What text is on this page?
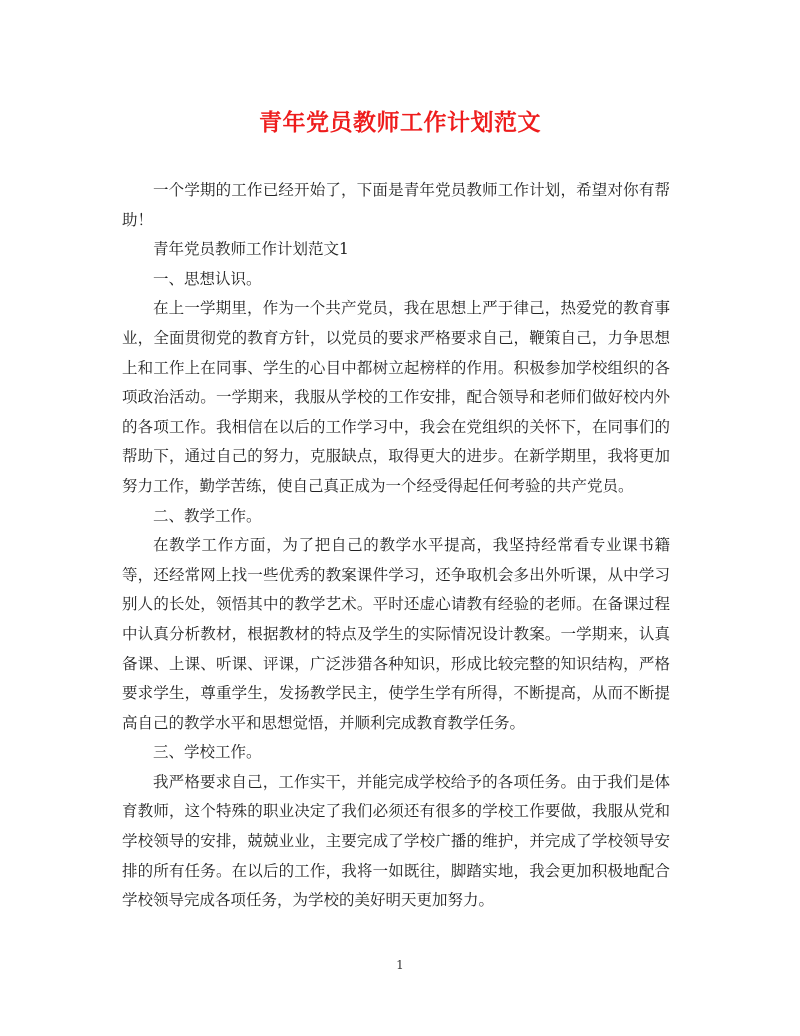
青年党员教师工作计划范文

一个学期的工作已经开始了，下面是青年党员教师工作计划，希望对你有帮助！

青年党员教师工作计划范文1

一、思想认识。

在上一学期里，作为一个共产党员，我在思想上严于律己，热爱党的教育事业，全面贯彻党的教育方针，以党员的要求严格要求自己，鞭策自己，力争思想上和工作上在同事、学生的心目中都树立起榜样的作用。积极参加学校组织的各项政治活动。一学期来，我服从学校的工作安排，配合领导和老师们做好校内外的各项工作。我相信在以后的工作学习中，我会在党组织的关怀下，在同事们的帮助下，通过自己的努力，克服缺点，取得更大的进步。在新学期里，我将更加努力工作，勤学苦练，使自己真正成为一个经受得起任何考验的共产党员。

二、教学工作。

在教学工作方面，为了把自己的教学水平提高，我坚持经常看专业课书籍等，还经常网上找一些优秀的教案课件学习，还争取机会多出外听课，从中学习别人的长处，领悟其中的教学艺术。平时还虚心请教有经验的老师。在备课过程中认真分析教材，根据教材的特点及学生的实际情况设计教案。一学期来，认真备课、上课、听课、评课，广泛涉猎各种知识，形成比较完整的知识结构，严格要求学生，尊重学生，发扬教学民主，使学生学有所得，不断提高，从而不断提高自己的教学水平和思想觉悟，并顺利完成教育教学任务。

三、学校工作。

我严格要求自己，工作实干，并能完成学校给予的各项任务。由于我们是体育教师，这个特殊的职业决定了我们必须还有很多的学校工作要做，我服从党和学校领导的安排，兢兢业业，主要完成了学校广播的维护，并完成了学校领导安排的所有任务。在以后的工作，我将一如既往，脚踏实地，我会更加积极地配合学校领导完成各项任务，为学校的美好明天更加努力。

1
